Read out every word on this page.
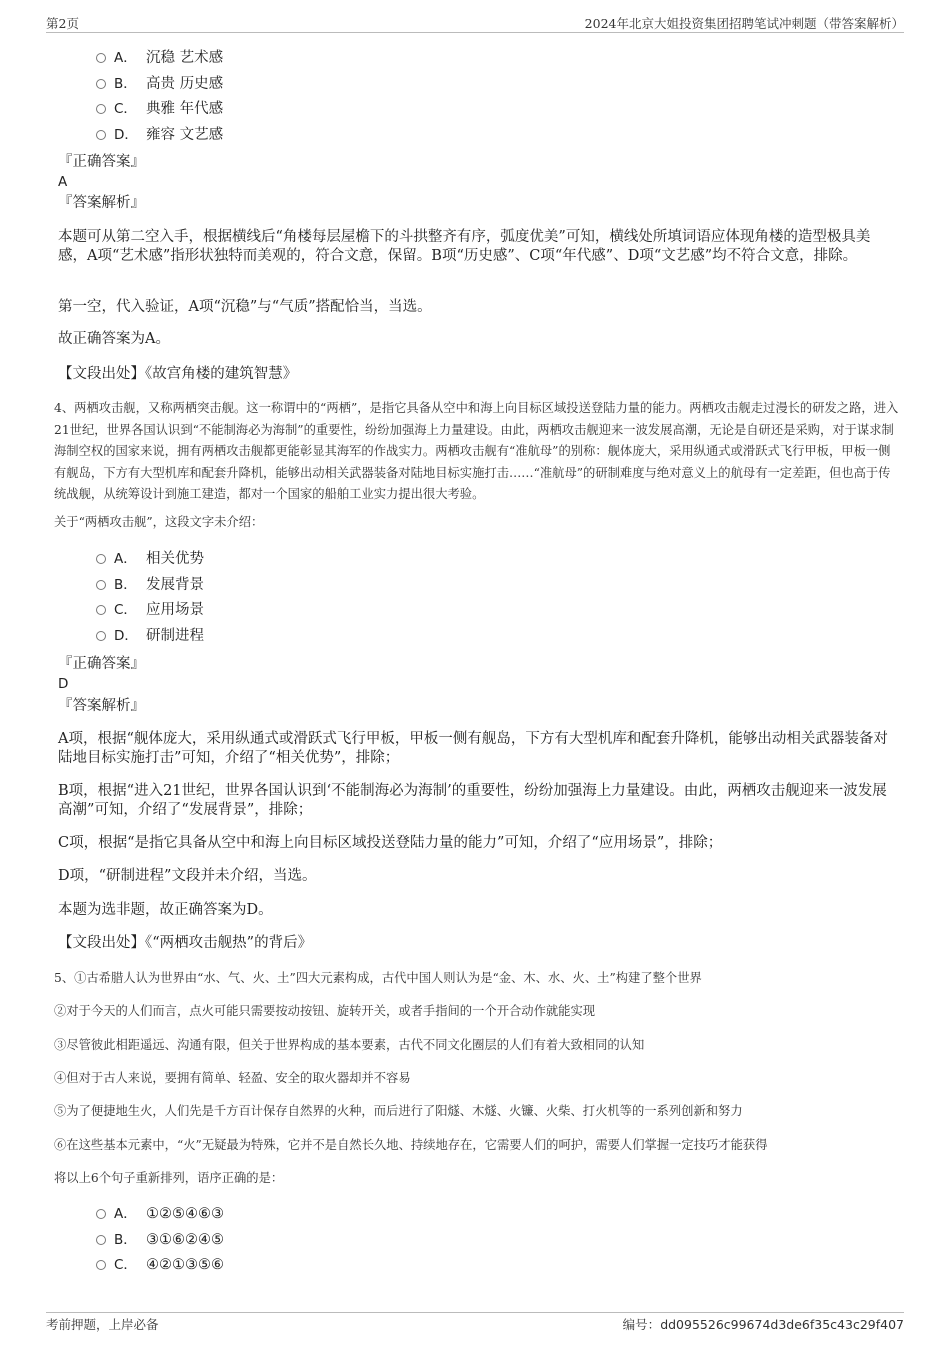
第2页	2024年北京大姐投资集团招聘笔试冲刺题（带答案解析）
A． 沉稳 艺术感
B． 高贵 历史感
C． 典雅 年代感
D． 雍容 文艺感
『正确答案』
A
『答案解析』
本题可从第二空入手，根据横线后“角楼每层屋檐下的斗拱整齐有序，弧度优美”可知，横线处所填词语应体现角楼的造型极具美感，A项“艺术感”指形状独特而美观的，符合文意，保留。B项“历史感”、C项“年代感”、D项“文艺感”均不符合文意，排除。
第一空，代入验证，A项“沉稳”与“气质”搭配恰当，当选。
故正确答案为A。
【文段出处】《故宫角楼的建筑智慧》
4、两栖攻击舰，又称两栖突击舰。这一称谓中的“两栖”，是指它具备从空中和海上向目标区域投送登陆力量的能力。两栖攻击舰走过漫长的研发之路，进入21世纪，世界各国认识到“不能制海必为海制”的重要性，纷纷加强海上力量建设。由此，两栖攻击舰迎来一波发展高潮，无论是自研还是采购，对于谋求制海制空权的国家来说，拥有两栖攻击舰都更能彰显其海军的作战实力。两栖攻击舰有“准航母”的别称：舰体庞大，采用纵通式或滑跃式飞行甲板，甲板一侧有舰岛，下方有大型机库和配套升降机，能够出动相关武器装备对陆地目标实施打击……“准航母”的研制难度与绝对意义上的航母有一定差距，但也高于传统战舰，从统筹设计到施工建造，都对一个国家的船舶工业实力提出很大考验。
关于“两栖攻击舰”，这段文字未介绍：
A． 相关优势
B． 发展背景
C． 应用场景
D． 研制进程
『正确答案』
D
『答案解析』
A项，根据“舰体庞大，采用纵通式或滑跃式飞行甲板，甲板一侧有舰岛，下方有大型机库和配套升降机，能够出动相关武器装备对陆地目标实施打击”可知，介绍了“相关优势”，排除；
B项，根据“进入21世纪，世界各国认识到‘不能制海必为海制’的重要性，纷纷加强海上力量建设。由此，两栖攻击舰迎来一波发展高潮”可知，介绍了“发展背景”，排除；
C项，根据“是指它具备从空中和海上向目标区域投送登陆力量的能力”可知，介绍了“应用场景”，排除；
D项，“研制进程”文段并未介绍，当选。
本题为选非题，故正确答案为D。
【文段出处】《“两栖攻击舰热”的背后》
5、①古希腊人认为世界由“水、气、火、土”四大元素构成，古代中国人则认为是“金、木、水、火、土”构建了整个世界
②对于今天的人们而言，点火可能只需要按动按钮、旋转开关，或者手指间的一个开合动作就能实现
③尽管彼此相距遥远、沟通有限，但关于世界构成的基本要素，古代不同文化圈层的人们有着大致相同的认知
④但对于古人来说，要拥有简单、轻盈、安全的取火器却并不容易
⑤为了便捷地生火，人们先是千方百计保存自然界的火种，而后进行了阳燧、木燧、火镰、火柴、打火机等的一系列创新和努力
⑥在这些基本元素中，“火”无疑最为特殊，它并不是自然长久地、持续地存在，它需要人们的呵护，需要人们掌握一定技巧才能获得
将以上6个句子重新排列，语序正确的是：
A． ①②⑤④⑥③
B． ③①⑥②④⑤
C． ④②①③⑤⑥
考前押题，上岸必备	编号：dd095526c99674d3de6f35c43c29f407
